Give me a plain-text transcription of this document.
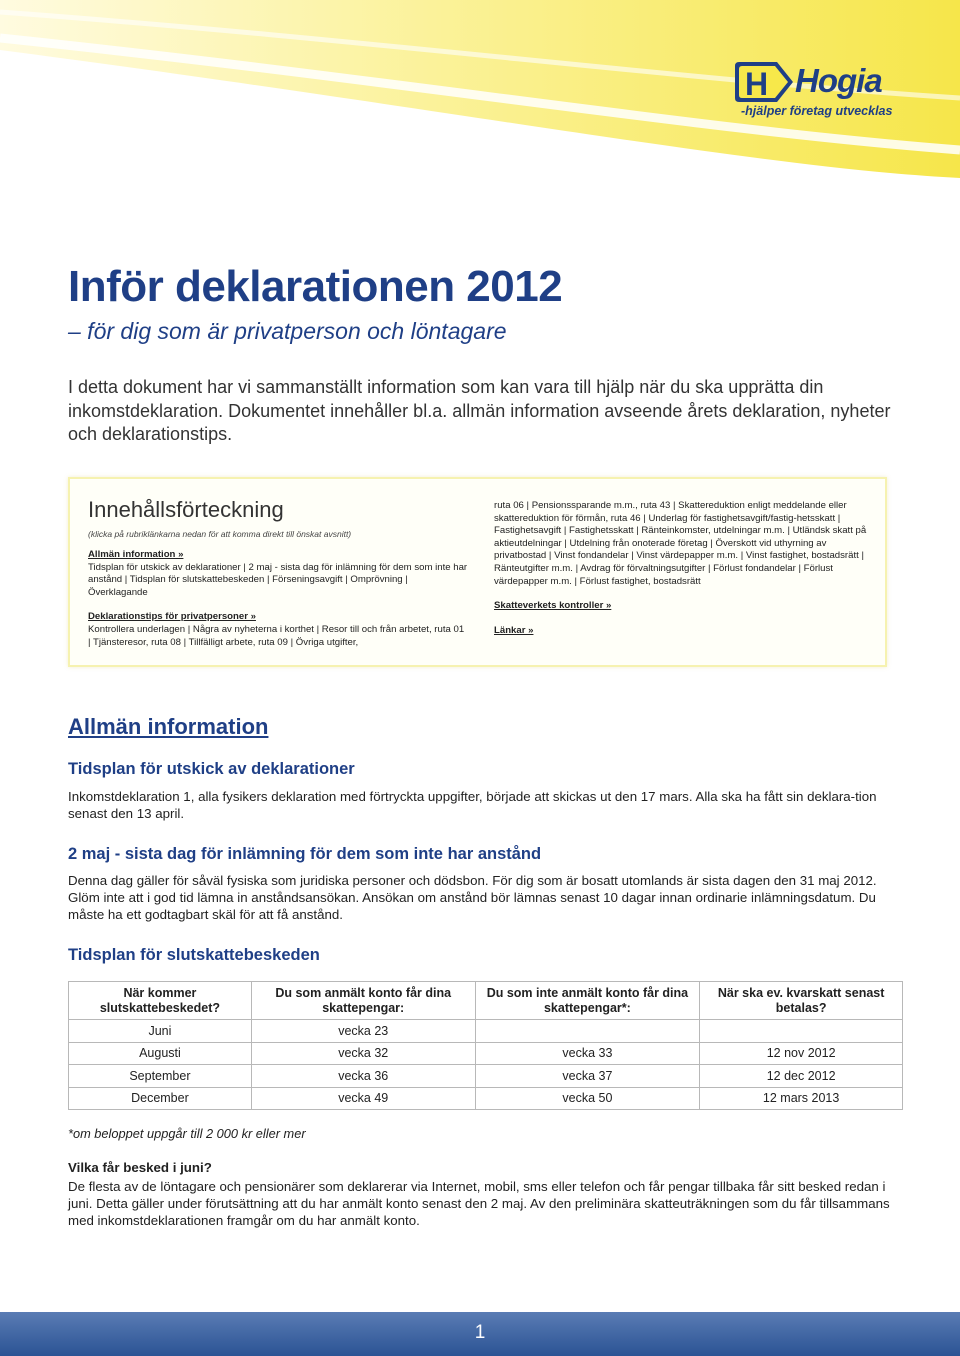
H Hogia
-hjälper företag utvecklas
Inför deklarationen 2012
– för dig som är privatperson och löntagare

I detta dokument har vi sammanställt information som kan vara till hjälp när du ska upprätta din inkomstdeklaration. Dokumentet innehåller bl.a. allmän information avseende årets deklaration, nyheter och deklarationstips.

Innehållsförteckning
(klicka på rubriklänkarna nedan för att komma direkt till önskat avsnitt)
Allmän information »
Tidsplan för utskick av deklarationer | 2 maj - sista dag för inlämning för dem som inte har anstånd | Tidsplan för slutskattebeskeden | Förseningsavgift | Omprövning | Överklagande
Deklarationstips för privatpersoner »
Kontrollera underlagen | Några av nyheterna i korthet | Resor till och från arbetet, ruta 01 | Tjänsteresor, ruta 08 | Tillfälligt arbete, ruta 09 | Övriga utgifter,
ruta 06 | Pensionssparande m.m., ruta 43 | Skattereduktion enligt meddelande eller skattereduktion för förmån, ruta 46 | Underlag för fastighetsavgift/fastig-hetsskatt | Fastighetsavgift | Fastighetsskatt | Ränteinkomster, utdelningar m.m. | Utländsk skatt på aktieutdelningar | Utdelning från onoterade företag | Överskott vid uthyrning av privatbostad | Vinst fondandelar | Vinst värdepapper m.m. | Vinst fastighet, bostadsrätt | Ränteutgifter m.m. | Avdrag för förvaltningsutgifter | Förlust fondandelar | Förlust värdepapper m.m. | Förlust fastighet, bostadsrätt
Skatteverkets kontroller »
Länkar »
Allmän information
Tidsplan för utskick av deklarationer

Inkomstdeklaration 1, alla fysikers deklaration med förtryckta uppgifter, började att skickas ut den 17 mars. Alla ska ha fått sin deklara-tion senast den 13 april.

2 maj - sista dag för inlämning för dem som inte har anstånd

Denna dag gäller för såväl fysiska som juridiska personer och dödsbon. För dig som är bosatt utomlands är sista dagen den 31 maj 2012. Glöm inte att i god tid lämna in anståndsansökan. Ansökan om anstånd bör lämnas senast 10 dagar innan ordinarie inlämningsdatum. Du måste ha ett godtagbart skäl för att få anstånd.

Tidsplan för slutskattebeskeden
När kommer slutskattebeskedet?	Du som anmält konto får dina skattepengar:	Du som inte anmält konto får dina skattepengar*:	När ska ev. kvarskatt senast betalas?
Juni	vecka 23		
Augusti	vecka 32	vecka 33	12 nov 2012
September	vecka 36	vecka 37	12 dec 2012
December	vecka 49	vecka 50	12 mars 2013
*om beloppet uppgår till 2 000 kr eller mer
Vilka får besked i juni?

De flesta av de löntagare och pensionärer som deklarerar via Internet, mobil, sms eller telefon och får pengar tillbaka får sitt besked redan i juni. Detta gäller under förutsättning att du har anmält konto senast den 2 maj. Av den preliminära skatteuträkningen som du får tillsammans med inkomstdeklarationen framgår om du har anmält konto.

1
